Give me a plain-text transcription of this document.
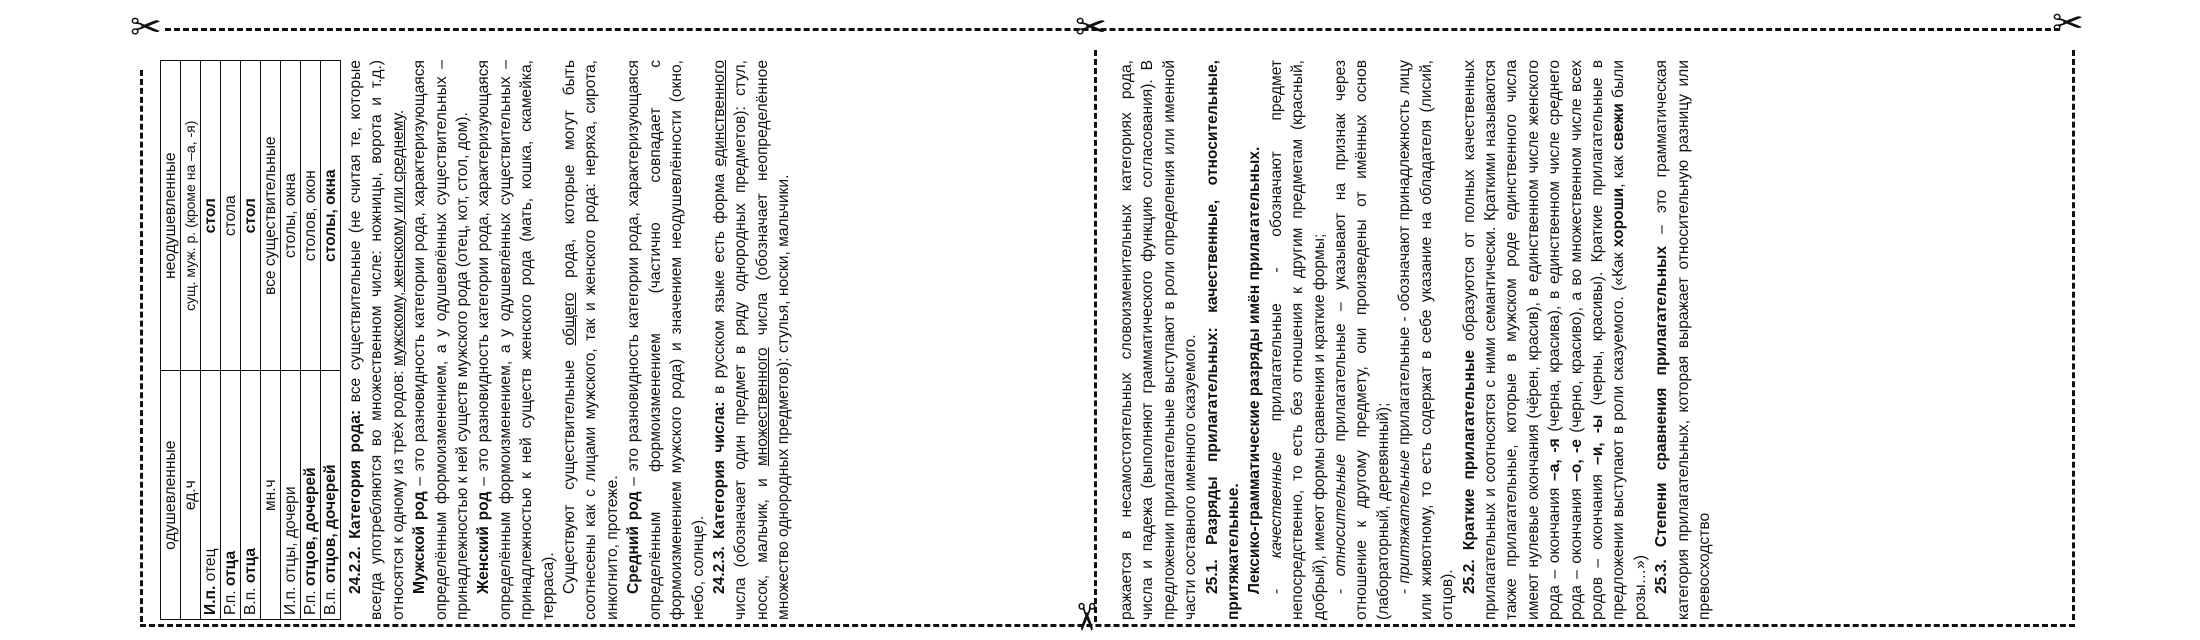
✂	✂	✂
✂
одушевленные	неодушевленные
ед.ч	сущ. муж. р. (кроме на –а, -я)
И.п. отец	стол
Р.п. отца	стола
В.п. отца	стол
мн.ч	все существительные
И.п. отцы, дочери	столы, окна
Р.п. отцов, дочерей	столов, окон
В.п. отцов, дочерей	столы, окна

24.2.2. Категория рода: все существительные (не считая те, которые всегда употребляются во множественном числе: ножницы, ворота и т.д.) относятся к одному из трёх родов: мужскому, женскому или среднему.

Мужской род – это разновидность категории рода, характеризующаяся определённым формоизменением, а у одушевлённых существительных – принадлежностью к ней существ мужского рода (отец, кот, стол, дом). Женский род – это разновидность категории рода, характеризующаяся определённым формоизменением, а у одушевлённых существительных – принадлежностью к ней существ женского рода (мать, кошка, скамейка, терраса). Существуют существительные общего рода, которые могут быть соотнесены как с лицами мужского, так и женского рода: неряха, сирота, инкогнито, протеже. Средний род – это разновидность категории рода, характеризующаяся определённым формоизменением (частично совпадает с формоизменением мужского рода) и значением неодушевлённости (окно, небо, солнце). 24.2.3. Категория числа: в русском языке есть форма единственного числа (обозначает один предмет в ряду однородных предметов): стул, носок, мальчик, и множественного числа (обозначает неопределённое множество однородных предметов): стулья, носки, мальчики.	ражается в несамостоятельных словоизменительных категориях рода, числа и падежа (выполняют грамматического функцию согласования). В предложении прилагательные выступают в роли определения или именной части составного именного сказуемого. 25.1. Разряды прилагательных: качественные, относительные, притяжательные. Лексико-грамматические разряды имён прилагательных. - качественные прилагательные - обозначают предмет непосредственно, то есть без отношения к другим предметам (красный, добрый), имеют формы сравнения и краткие формы; - относительные прилагательные – указывают на признак через отношение к другому предмету, они произведены от имённых основ (лабораторный, деревянный); - притяжательные прилагательные - обозначают принадлежность лицу или животному, то есть содержат в себе указание на обладателя (лисий, отцов).

25.2. Краткие прилагательные образуются от полных качественных прилагательных и соотносятся с ними семантически. Краткими называются также прилагательные, которые в мужском роде единственного числа имеют нулевые окончания (чёрен, красив), в единственном числе женского рода – окончания –а, -я (черна, красива), в единственном числе среднего рода – окончания –о, -е (черно, красиво), а во множественном числе всех родов – окончания –и, -ы (черны, красивы). Краткие прилагательные в предложении выступают в роли сказуемого. («Как хороши, как свежи были розы…») 25.3. Степени сравнения прилагательных – это грамматическая категория прилагательных, которая выражает относительную разницу или превосходство
